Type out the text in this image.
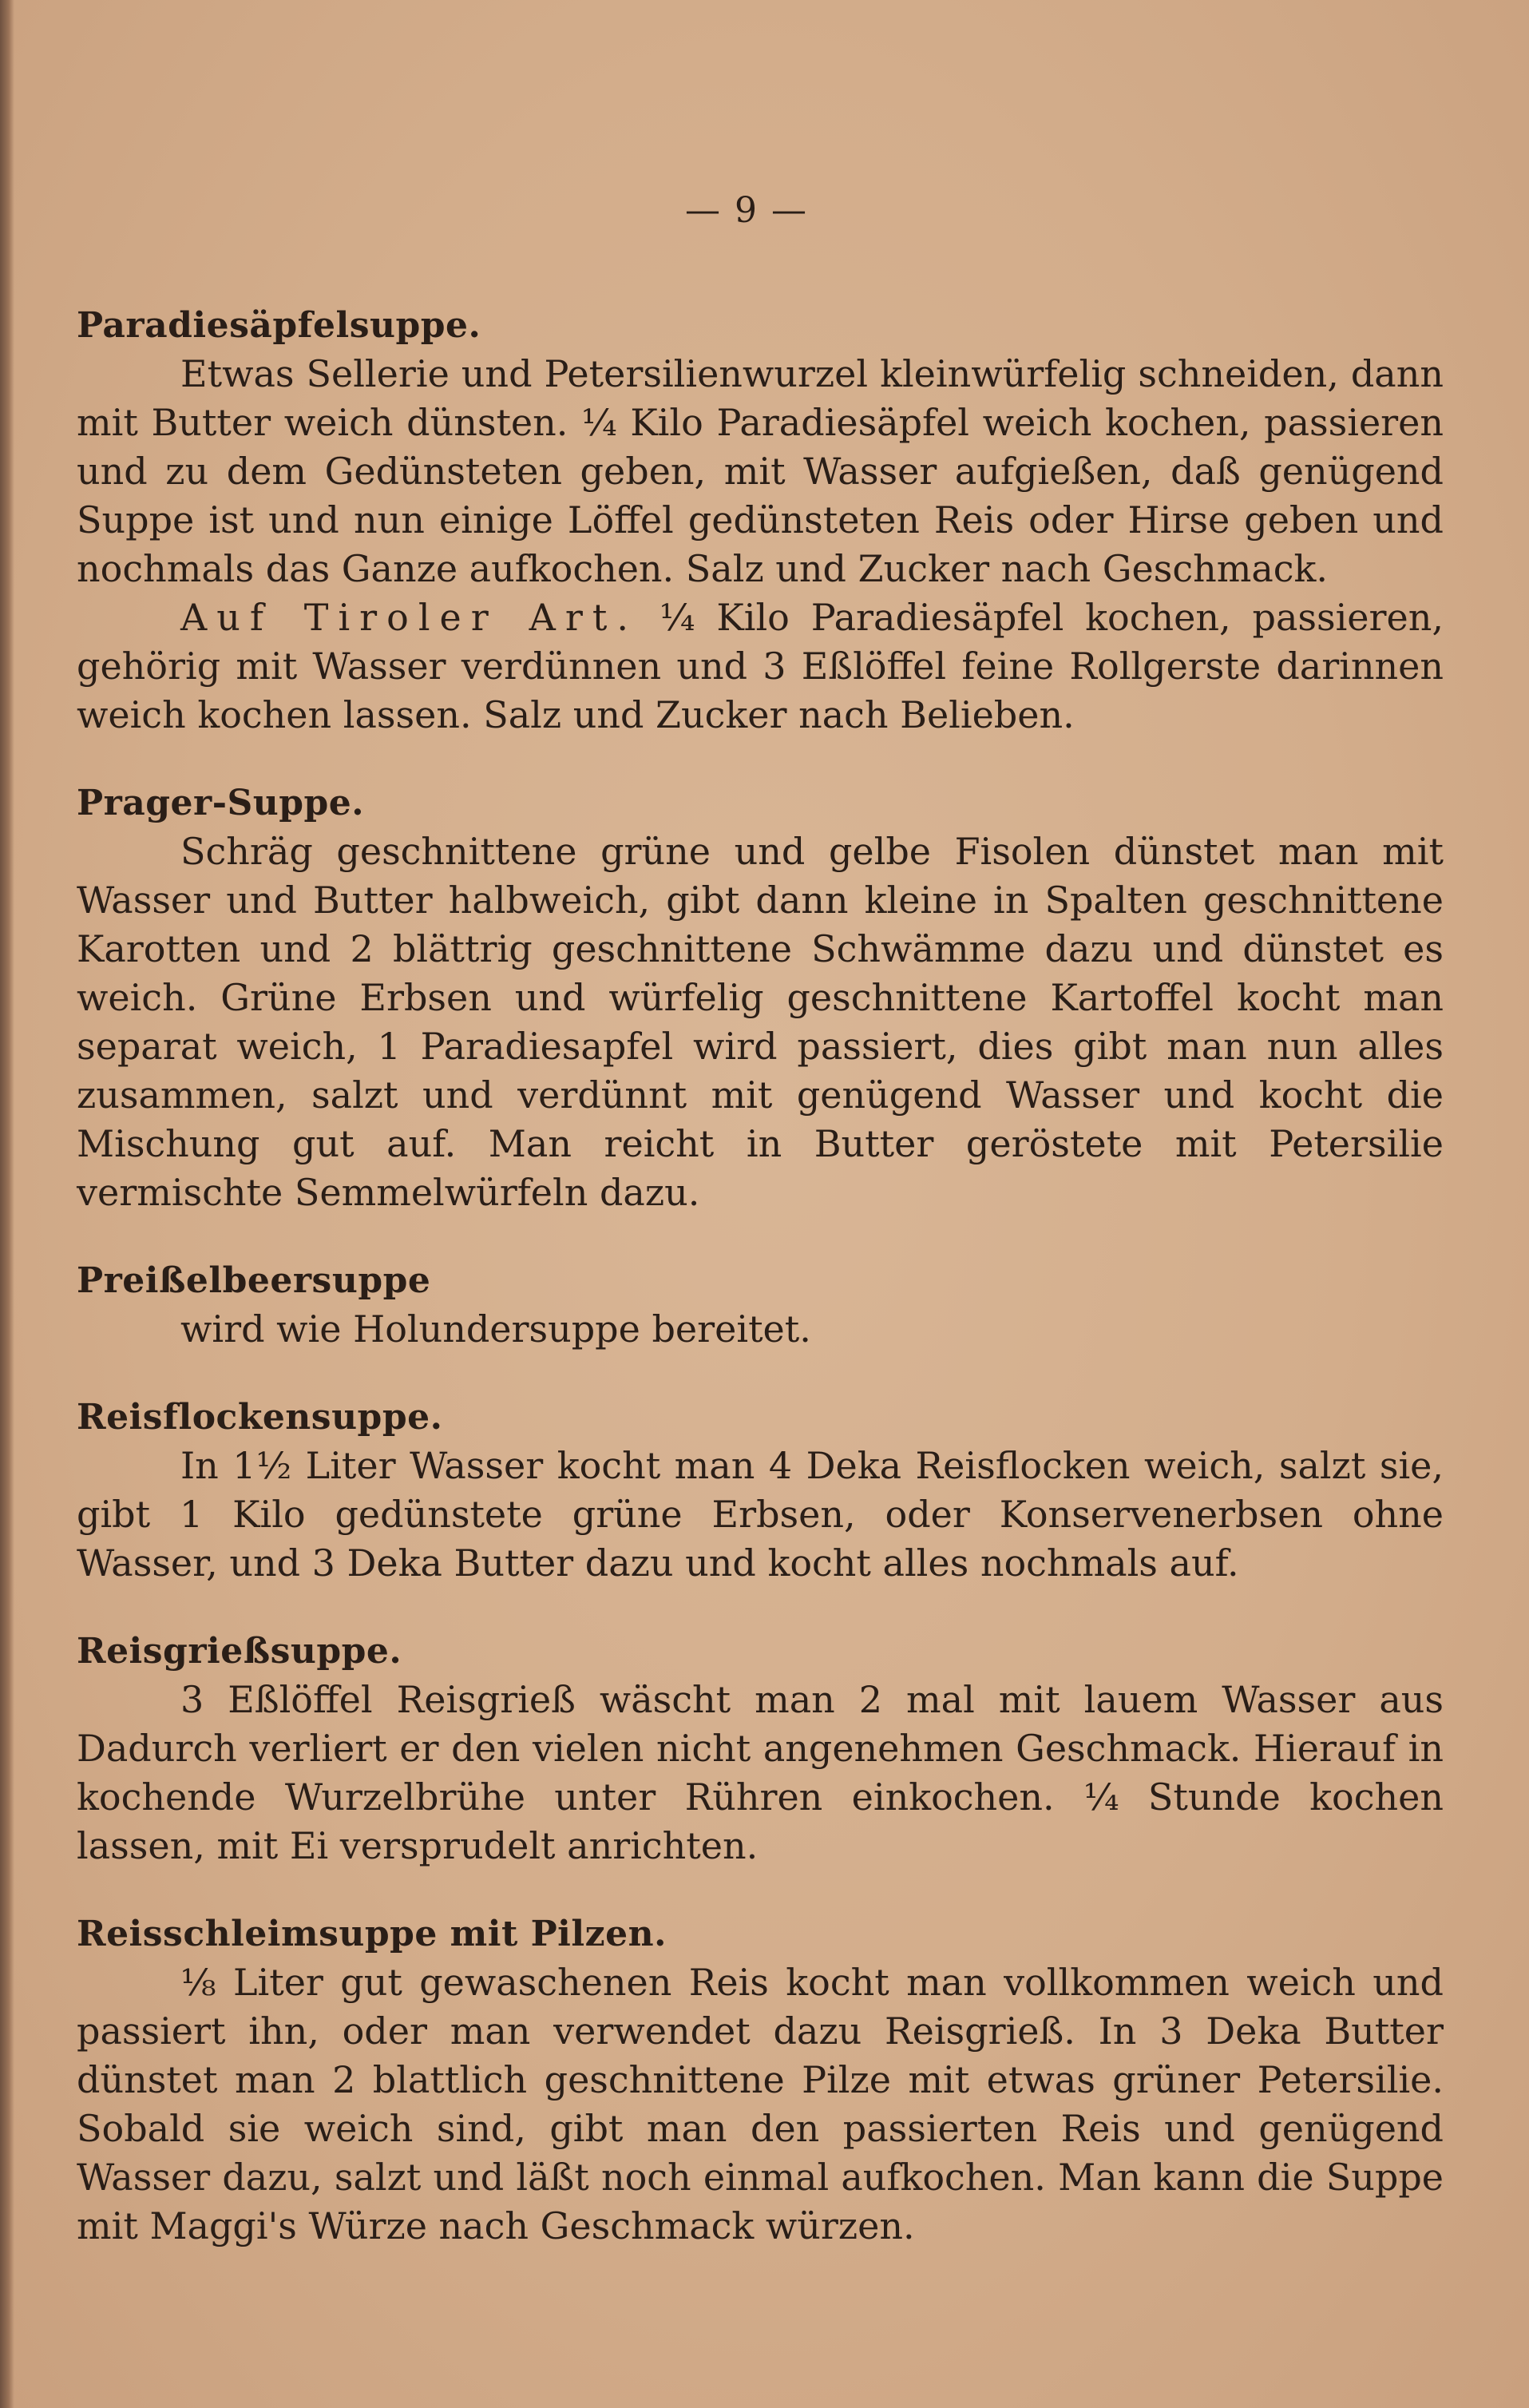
— 9 —
Paradiesäpfelsuppe.

Etwas Sellerie und Petersilienwurzel kleinwürfelig schneiden, dann mit Butter weich dünsten. ¼ Kilo Paradiesäpfel weich kochen, passieren und zu dem Gedünsteten geben, mit Wasser aufgießen, daß genügend Suppe ist und nun einige Löffel gedünsteten Reis oder Hirse geben und nochmals das Ganze aufkochen. Salz und Zucker nach Geschmack.

Auf Tiroler Art. ¼ Kilo Paradiesäpfel kochen, passieren, gehörig mit Wasser verdünnen und 3 Eßlöffel feine Rollgerste darinnen weich kochen lassen. Salz und Zucker nach Belieben.

Prager-Suppe.

Schräg geschnittene grüne und gelbe Fisolen dünstet man mit Wasser und Butter halbweich, gibt dann kleine in Spalten geschnittene Karotten und 2 blättrig geschnittene Schwämme dazu und dünstet es weich. Grüne Erbsen und würfelig geschnittene Kartoffel kocht man separat weich, 1 Paradiesapfel wird passiert, dies gibt man nun alles zusammen, salzt und verdünnt mit genügend Wasser und kocht die Mischung gut auf. Man reicht in Butter geröstete mit Petersilie vermischte Semmelwürfeln dazu.

Preißelbeersuppe

wird wie Holundersuppe bereitet.

Reisflockensuppe.

In 1½ Liter Wasser kocht man 4 Deka Reisflocken weich, salzt sie, gibt 1 Kilo gedünstete grüne Erbsen, oder Konservenerbsen ohne Wasser, und 3 Deka Butter dazu und kocht alles nochmals auf.

Reisgrießsuppe.

3 Eßlöffel Reisgrieß wäscht man 2 mal mit lauem Wasser aus Dadurch verliert er den vielen nicht angenehmen Geschmack. Hierauf in kochende Wurzelbrühe unter Rühren einkochen. ¼ Stunde kochen lassen, mit Ei versprudelt anrichten.

Reisschleimsuppe mit Pilzen.

⅛ Liter gut gewaschenen Reis kocht man vollkommen weich und passiert ihn, oder man verwendet dazu Reisgrieß. In 3 Deka Butter dünstet man 2 blattlich geschnittene Pilze mit etwas grüner Petersilie. Sobald sie weich sind, gibt man den passierten Reis und genügend Wasser dazu, salzt und läßt noch einmal aufkochen. Man kann die Suppe mit Maggi's Würze nach Geschmack würzen.
